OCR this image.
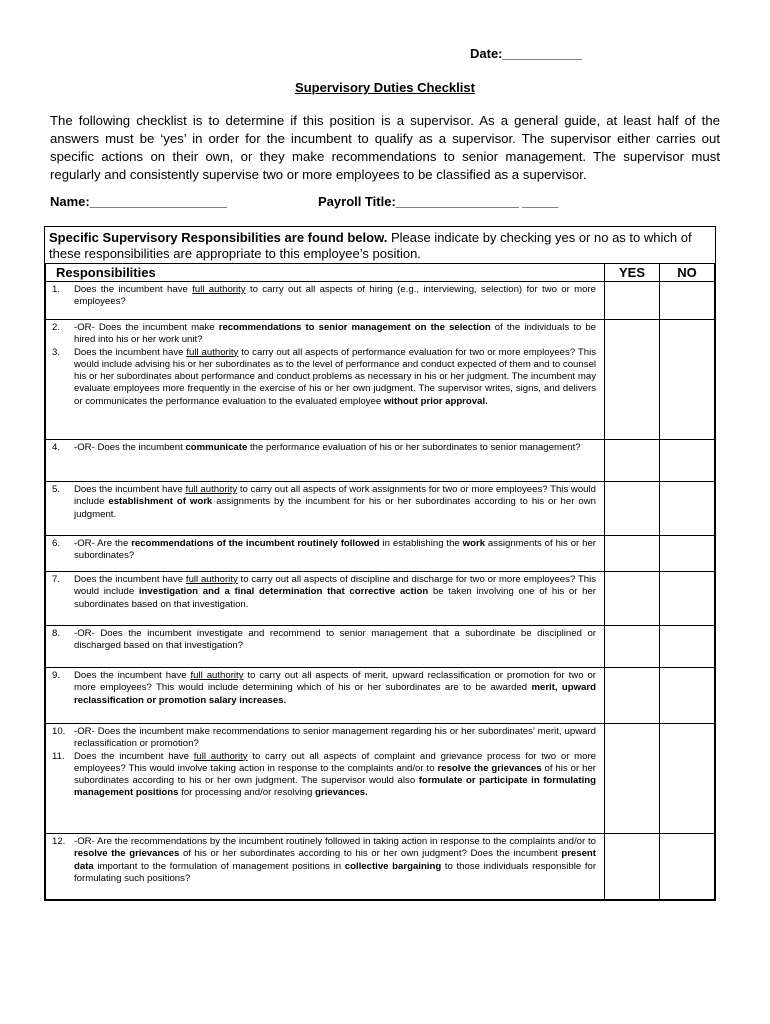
Date:___________
Supervisory Duties Checklist
The following checklist is to determine if this position is a supervisor. As a general guide, at least half of the answers must be ‘yes’ in order for the incumbent to qualify as a supervisor. The supervisor either carries out specific actions on their own, or they make recommendations to senior management. The supervisor must regularly and consistently supervise two or more employees to be classified as a supervisor.
Name:___________________	Payroll Title:_________________ _____
Specific Supervisory Responsibilities are found below. Please indicate by checking yes or no as to which of these responsibilities are appropriate to this employee’s position.
Responsibilities	YES	NO

1. Does the incumbent have full authority to carry out all aspects of hiring (e.g., interviewing, selection) for two or more employees?		

2. -OR- Does the incumbent make recommendations to senior management on the selection of the individuals to be hired into his or her work unit?
3. Does the incumbent have full authority to carry out all aspects of performance evaluation for two or more employees? This would include advising his or her subordinates as to the level of performance and conduct expected of them and to counsel his or her subordinates about performance and conduct problems as necessary in his or her judgment. The incumbent may evaluate employees more frequently in the exercise of his or her own judgment. The supervisor writes, signs, and delivers or communicates the performance evaluation to the evaluated employee without prior approval.		

4. -OR- Does the incumbent communicate the performance evaluation of his or her subordinates to senior management?		

5. Does the incumbent have full authority to carry out all aspects of work assignments for two or more employees? This would include establishment of work assignments by the incumbent for his or her subordinates according to his or her own judgment.		

6. -OR- Are the recommendations of the incumbent routinely followed in establishing the work assignments of his or her subordinates?		

7. Does the incumbent have full authority to carry out all aspects of discipline and discharge for two or more employees? This would include investigation and a final determination that corrective action be taken involving one of his or her subordinates based on that investigation.		

8. -OR- Does the incumbent investigate and recommend to senior management that a subordinate be disciplined or discharged based on that investigation?		

9. Does the incumbent have full authority to carry out all aspects of merit, upward reclassification or promotion for two or more employees? This would include determining which of his or her subordinates are to be awarded merit, upward reclassification or promotion salary increases.		

10. -OR- Does the incumbent make recommendations to senior management regarding his or her subordinates’ merit, upward reclassification or promotion?
11. Does the incumbent have full authority to carry out all aspects of complaint and grievance process for two or more employees? This would involve taking action in response to the complaints and/or to resolve the grievances of his or her subordinates according to his or her own judgment. The supervisor would also formulate or participate in formulating management positions for processing and/or resolving grievances.		

12. -OR- Are the recommendations by the incumbent routinely followed in taking action in response to the complaints and/or to resolve the grievances of his or her subordinates according to his or her own judgment? Does the incumbent present data important to the formulation of management positions in collective bargaining to those individuals responsible for formulating such positions?		
